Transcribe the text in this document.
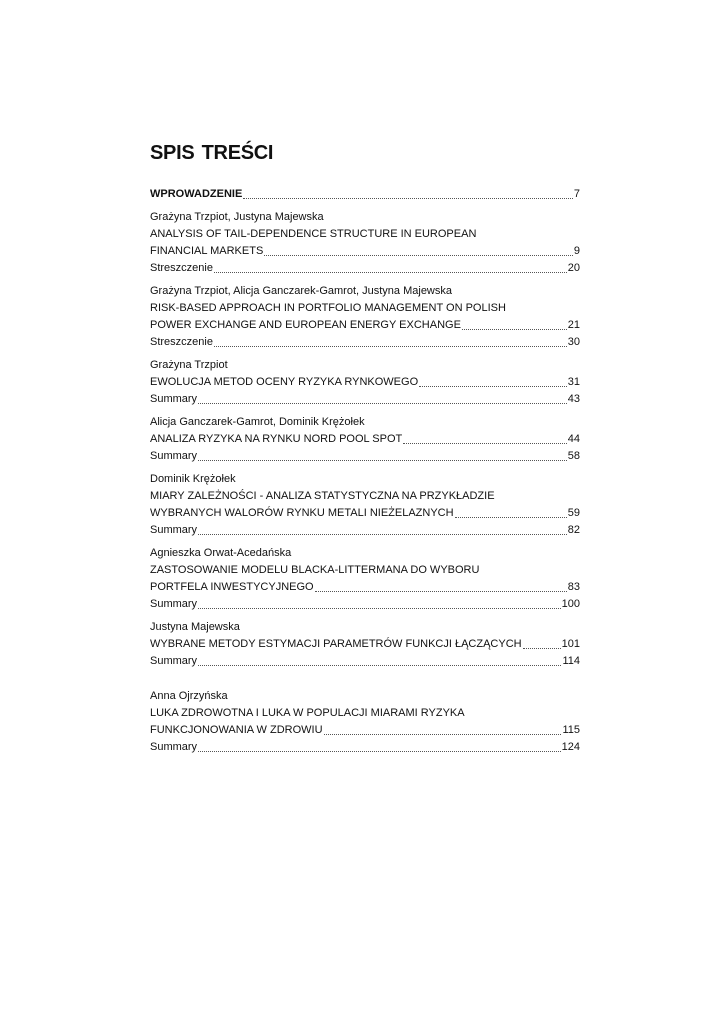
SPIS TREŚCI
WPROWADZENIE	7
Grażyna Trzpiot, Justyna Majewska
ANALYSIS OF TAIL-DEPENDENCE STRUCTURE IN EUROPEAN
FINANCIAL MARKETS	9
Streszczenie	20
Grażyna Trzpiot, Alicja Ganczarek-Gamrot, Justyna Majewska
RISK-BASED APPROACH IN PORTFOLIO MANAGEMENT ON POLISH
POWER EXCHANGE AND EUROPEAN ENERGY EXCHANGE	21
Streszczenie	30
Grażyna Trzpiot
EWOLUCJA METOD OCENY RYZYKA RYNKOWEGO	31
Summary	43
Alicja Ganczarek-Gamrot, Dominik Krężołek
ANALIZA RYZYKA NA RYNKU NORD POOL SPOT	44
Summary	58
Dominik Krężołek
MIARY ZALEŻNOŚCI - ANALIZA STATYSTYCZNA NA PRZYKŁADZIE
WYBRANYCH WALORÓW RYNKU METALI NIEŻELAZNYCH	59
Summary	82
Agnieszka Orwat-Acedańska
ZASTOSOWANIE MODELU BLACKA-LITTERMANA DO WYBORU
PORTFELA INWESTYCYJNEGO	83
Summary	100
Justyna Majewska
WYBRANE METODY ESTYMACJI PARAMETRÓW FUNKCJI ŁĄCZĄCYCH	101
Summary	114
Anna Ojrzyńska
LUKA ZDROWOTNA I LUKA W POPULACJI MIARAMI RYZYKA
FUNKCJONOWANIA W ZDROWIU	115
Summary	124
